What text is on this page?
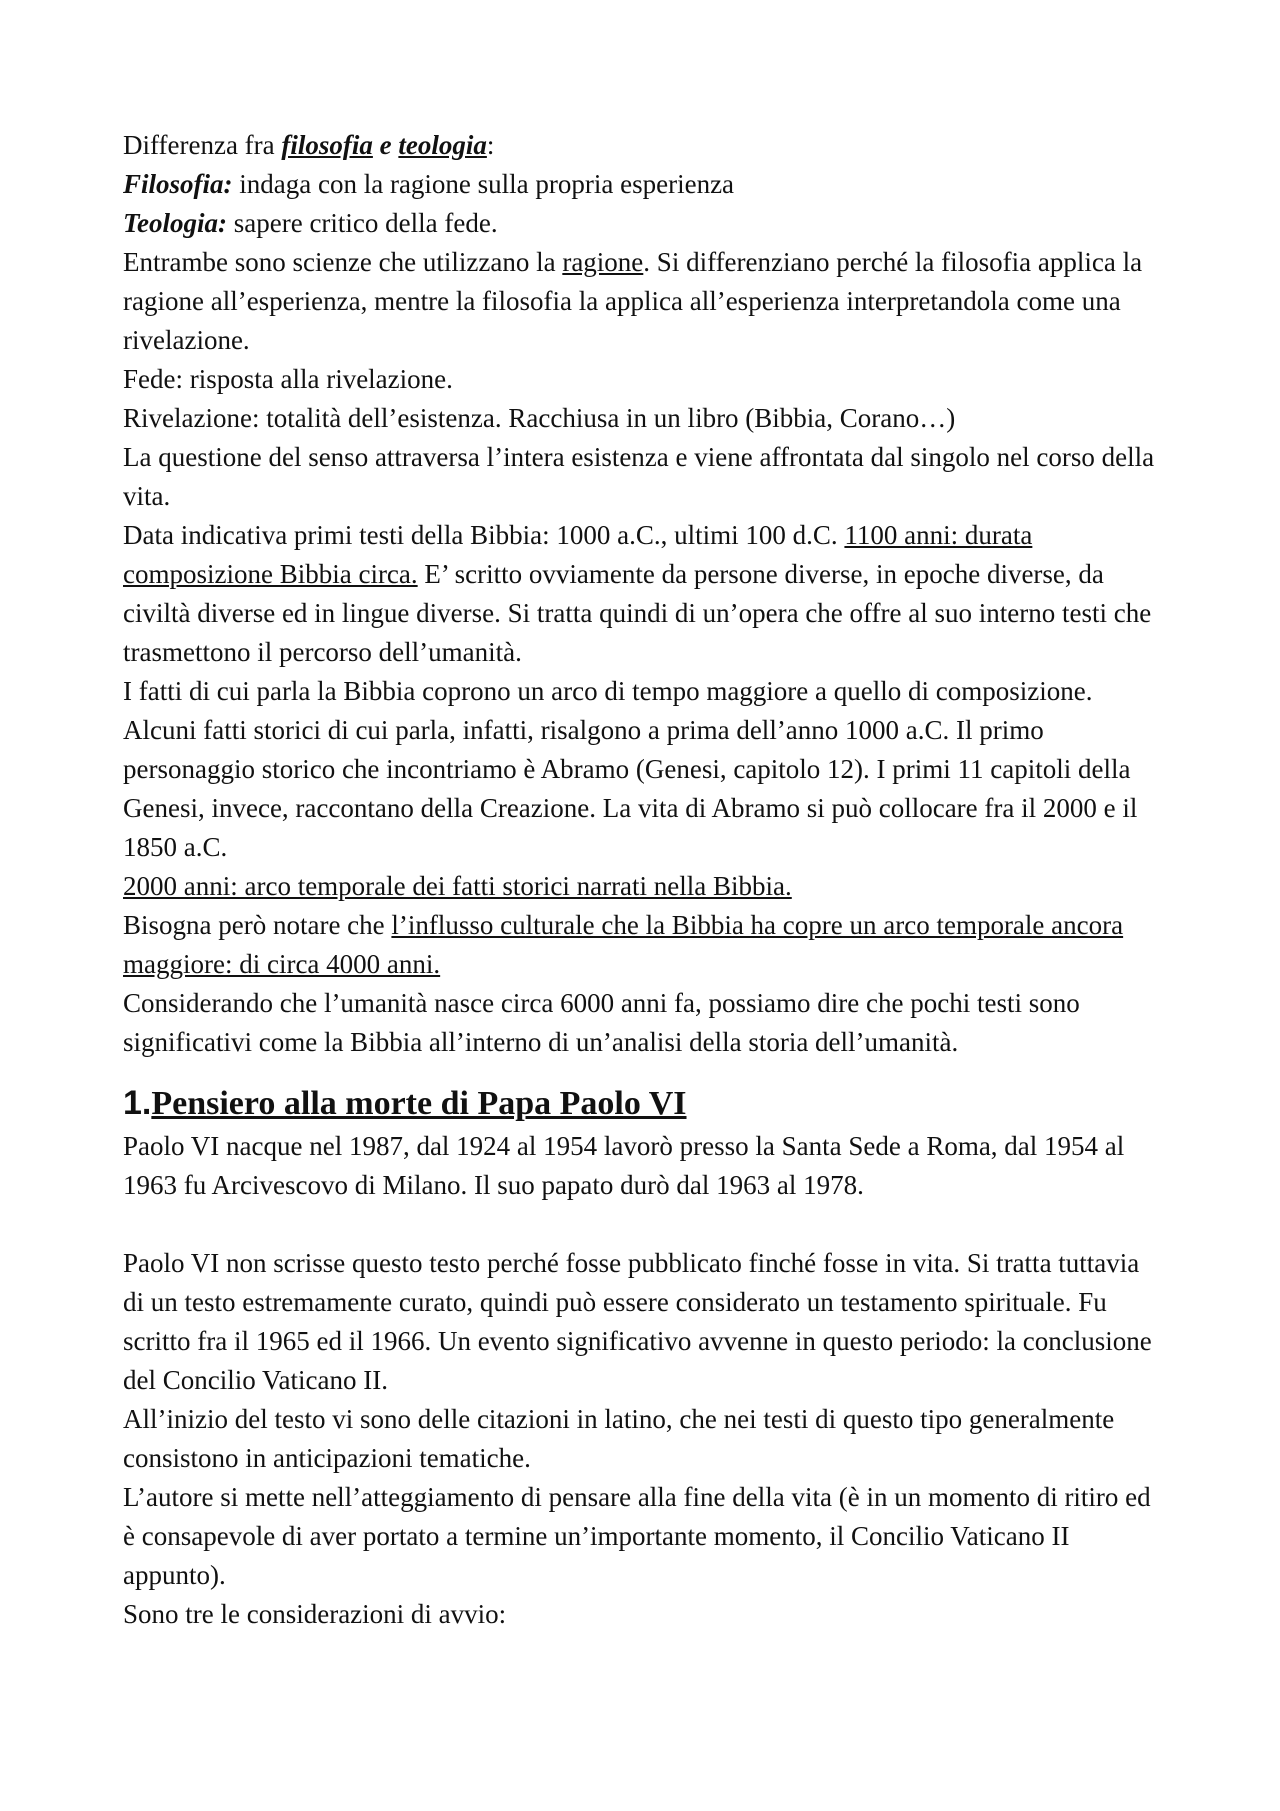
Differenza fra filosofia e teologia:

Filosofia: indaga con la ragione sulla propria esperienza

Teologia: sapere critico della fede.

Entrambe sono scienze che utilizzano la ragione. Si differenziano perché la filosofia applica la ragione all’esperienza, mentre la filosofia la applica all’esperienza interpretandola come una rivelazione.

Fede: risposta alla rivelazione.

Rivelazione: totalità dell’esistenza. Racchiusa in un libro (Bibbia, Corano…)

La questione del senso attraversa l’intera esistenza e viene affrontata dal singolo nel corso della vita.

Data indicativa primi testi della Bibbia: 1000 a.C., ultimi 100 d.C. 1100 anni: durata composizione Bibbia circa. E’ scritto ovviamente da persone diverse, in epoche diverse, da civiltà diverse ed in lingue diverse. Si tratta quindi di un’opera che offre al suo interno testi che trasmettono il percorso dell’umanità.

I fatti di cui parla la Bibbia coprono un arco di tempo maggiore a quello di composizione. Alcuni fatti storici di cui parla, infatti, risalgono a prima dell’anno 1000 a.C. Il primo personaggio storico che incontriamo è Abramo (Genesi, capitolo 12). I primi 11 capitoli della Genesi, invece, raccontano della Creazione. La vita di Abramo si può collocare fra il 2000 e il 1850 a.C.

2000 anni: arco temporale dei fatti storici narrati nella Bibbia.

Bisogna però notare che l’influsso culturale che la Bibbia ha copre un arco temporale ancora maggiore: di circa 4000 anni.

Considerando che l’umanità nasce circa 6000 anni fa, possiamo dire che pochi testi sono significativi come la Bibbia all’interno di un’analisi della storia dell’umanità.

1.Pensiero alla morte di Papa Paolo VI

Paolo VI nacque nel 1987, dal 1924 al 1954 lavorò presso la Santa Sede a Roma, dal 1954 al 1963 fu Arcivescovo di Milano. Il suo papato durò dal 1963 al 1978.

Paolo VI non scrisse questo testo perché fosse pubblicato finché fosse in vita. Si tratta tuttavia di un testo estremamente curato, quindi può essere considerato un testamento spirituale. Fu scritto fra il 1965 ed il 1966. Un evento significativo avvenne in questo periodo: la conclusione del Concilio Vaticano II.

All’inizio del testo vi sono delle citazioni in latino, che nei testi di questo tipo generalmente consistono in anticipazioni tematiche.

L’autore si mette nell’atteggiamento di pensare alla fine della vita (è in un momento di ritiro ed è consapevole di aver portato a termine un’importante momento, il Concilio Vaticano II appunto).

Sono tre le considerazioni di avvio:
